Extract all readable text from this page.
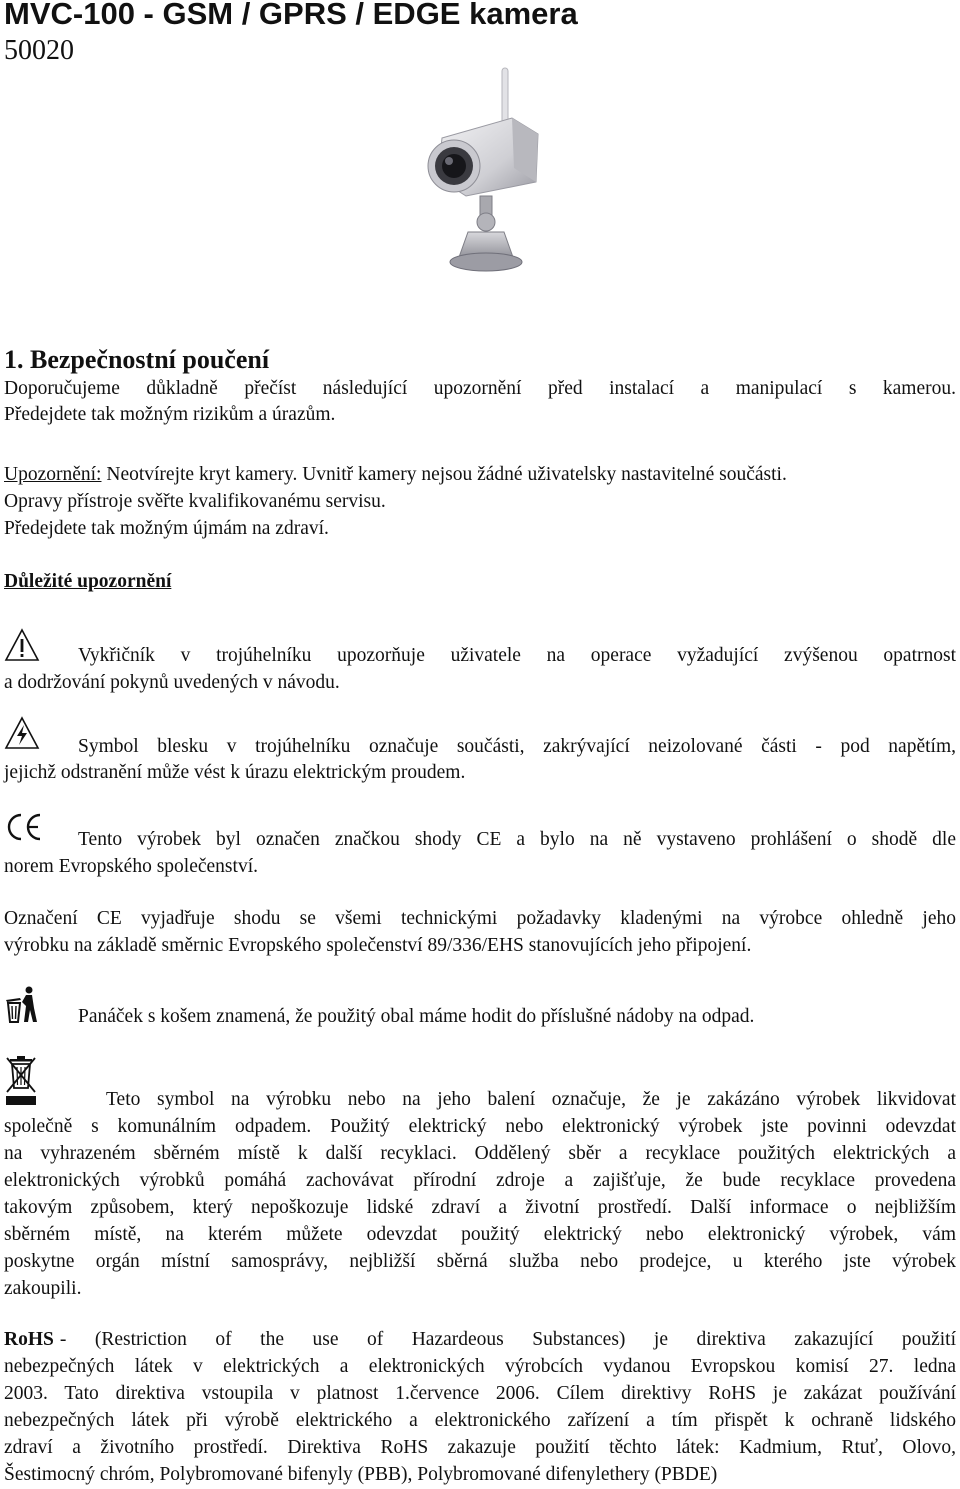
MVC-100 - GSM / GPRS / EDGE kamera
50020
1. Bezpečnostní poučení
Doporučujeme důkladně přečíst následující upozornění před instalací a manipulací s kamerou.
Předejdete tak možným rizikům a úrazům.
Upozornění: Neotvírejte kryt kamery. Uvnitř kamery nejsou žádné uživatelsky nastavitelné součásti.
Opravy přístroje svěřte kvalifikovanému servisu.
Předejdete tak možným újmám na zdraví.
Důležité upozornění
Vykřičník v trojúhelníku upozorňuje uživatele na operace vyžadující zvýšenou opatrnost
a dodržování pokynů uvedených v návodu.
Symbol blesku v trojúhelníku označuje součásti, zakrývající neizolované části - pod napětím,
jejichž odstranění může vést k úrazu elektrickým proudem.
Tento výrobek byl označen značkou shody CE a bylo na ně vystaveno prohlášení o shodě dle
norem Evropského společenství.
Označení CE vyjadřuje shodu se všemi technickými požadavky kladenými na výrobce ohledně jeho
výrobku na základě směrnic Evropského společenství 89/336/EHS stanovujících jeho připojení.
Panáček s košem znamená, že použitý obal máme hodit do příslušné nádoby na odpad.
Teto symbol na výrobku nebo na jeho balení označuje, že je zakázáno výrobek likvidovat
společně s komunálním odpadem. Použitý elektrický nebo elektronický výrobek jste povinni odevzdat
na vyhrazeném sběrném místě k další recyklaci. Oddělený sběr a recyklace použitých elektrických a
elektronických výrobků pomáhá zachovávat přírodní zdroje a zajišťuje, že bude recyklace provedena
takovým způsobem, který nepoškozuje lidské zdraví a životní prostředí. Další informace o nejbližším
sběrném místě, na kterém můžete odevzdat použitý elektrický nebo elektronický výrobek, vám
poskytne orgán místní samosprávy, nejbližší sběrná služba nebo prodejce, u kterého jste výrobek
zakoupili.
RoHS - (Restriction of the use of Hazardeous Substances) je direktiva zakazující použití
nebezpečných látek v elektrických a elektronických výrobcích vydanou Evropskou komisí 27. ledna
2003. Tato direktiva vstoupila v platnost 1.července 2006. Cílem direktivy RoHS je zakázat používání
nebezpečných látek při výrobě elektrického a elektronického zařízení a tím přispět k ochraně lidského
zdraví a životního prostředí. Direktiva RoHS zakazuje použití těchto látek: Kadmium, Rtuť, Olovo,
Šestimocný chróm, Polybromované bifenyly (PBB), Polybromované difenylethery (PBDE)
